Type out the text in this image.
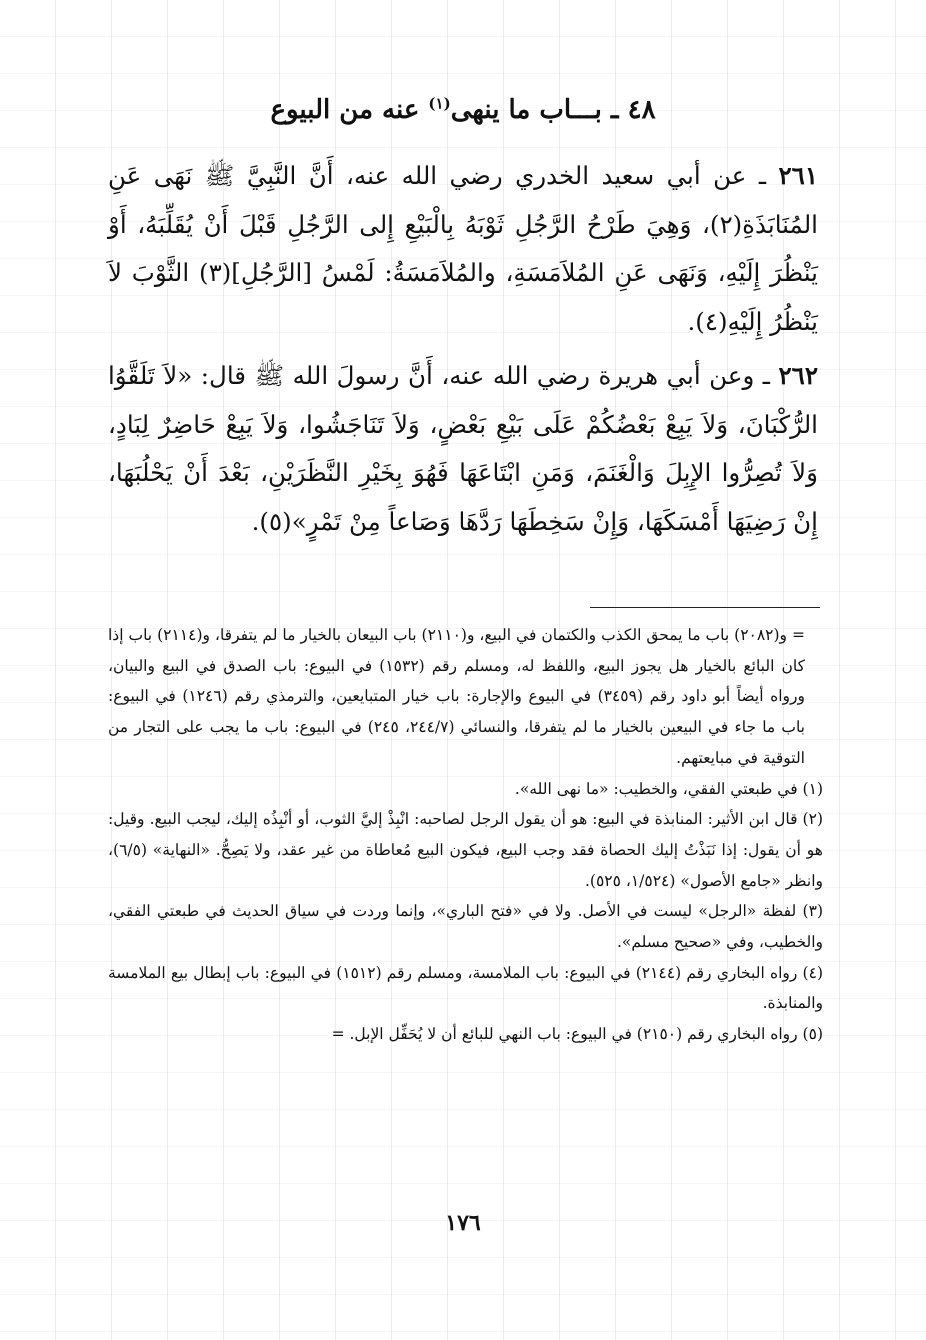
٤٨ ـ بـــاب ما ينهى$^{(١)}$ عنه من البيوع

٢٦١ ـ عن أبي سعيد الخدري رضي الله عنه، أَنَّ النَّبِيَّ ﷺ نَهَى عَنِ المُنَابَذَةِ(٢)، وَهِيَ طَرْحُ الرَّجُلِ ثَوْبَهُ بِالْبَيْعِ إِلى الرَّجُلِ قَبْلَ أَنْ يُقَلِّبَهُ، أَوْ يَنْظُرَ إِلَيْهِ، وَنَهَى عَنِ المُلاَمَسَةِ، والمُلاَمَسَةُ: لَمْسُ [الرَّجُلِ](٣) الثَّوْبَ لاَ يَنْظُرُ إِلَيْهِ(٤).

٢٦٢ ـ وعن أبي هريرة رضي الله عنه، أَنَّ رسولَ الله ﷺ قال: «لاَ تَلَقَّوُا الرُّكْبَانَ، وَلاَ يَبِعْ بَعْضُكُمْ عَلَى بَيْعِ بَعْضٍ، وَلاَ تَنَاجَشُوا، وَلاَ يَبِعْ حَاضِرٌ لِبَادٍ، وَلاَ تُصِرُّوا الإِبِلَ وَالْغَنَمَ، وَمَنِ ابْتَاعَهَا فَهُوَ بِخَيْرِ النَّظَرَيْنِ، بَعْدَ أَنْ يَحْلُبَهَا، إِنْ رَضِيَهَا أَمْسَكَهَا، وَإِنْ سَخِطَهَا رَدَّهَا وَصَاعاً مِنْ تَمْرٍ»(٥).

= و(٢٠٨٢) باب ما يمحق الكذب والكتمان في البيع، و(٢١١٠) باب البيعان بالخيار ما لم يتفرقا، و(٢١١٤) باب إذا كان البائع بالخيار هل يجوز البيع، واللفظ له، ومسلم رقم (١٥٣٢) في البيوع: باب الصدق في البيع والبيان، ورواه أيضاً أبو داود رقم (٣٤٥٩) في البيوع والإجارة: باب خيار المتبايعين، والترمذي رقم (١٢٤٦) في البيوع: باب ما جاء في البيعين بالخيار ما لم يتفرقا، والنسائي (٢٤٤/٧، ٢٤٥) في البيوع: باب ما يجب على التجار من التوقية في مبايعتهم.

(١) في طبعتي الفقي، والخطيب: «ما نهى الله».

(٢) قال ابن الأثير: المنابذة في البيع: هو أن يقول الرجل لصاحبه: انْبِذْ إليَّ الثوب، أو أنْبِذُه إليك، ليجب البيع. وقيل: هو أن يقول: إذا نَبَذْتُ إليك الحصاة فقد وجب البيع، فيكون البيع مُعاطاة من غير عقد، ولا يَصِحُّ. «النهاية» (٦/٥)، وانظر «جامع الأصول» (١/٥٢٤، ٥٢٥).

(٣) لفظة «الرجل» ليست في الأصل. ولا في «فتح الباري»، وإنما وردت في سياق الحديث في طبعتي الفقي، والخطيب، وفي «صحيح مسلم».

(٤) رواه البخاري رقم (٢١٤٤) في البيوع: باب الملامسة، ومسلم رقم (١٥١٢) في البيوع: باب إبطال بيع الملامسة والمنابذة.

(٥) رواه البخاري رقم (٢١٥٠) في البيوع: باب النهي للبائع أن لا يُحَفِّل الإبل. =

١٧٦
